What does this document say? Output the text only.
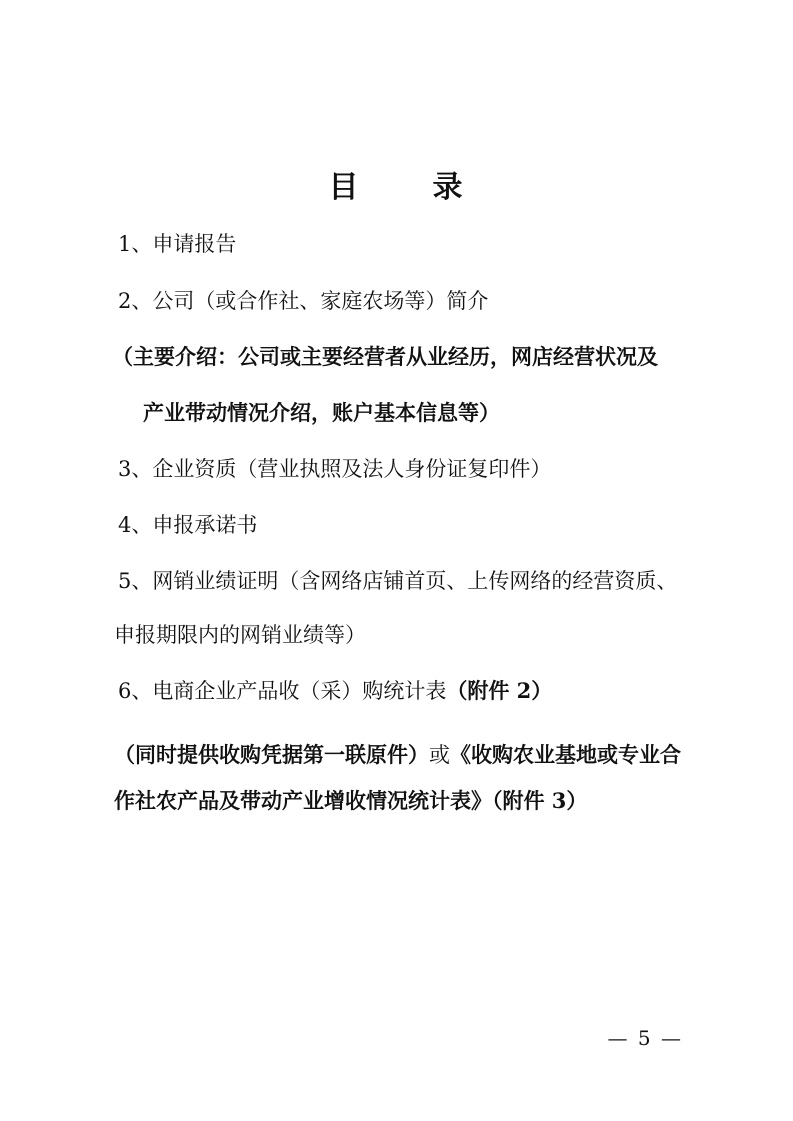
目 录
1、申请报告
2、公司（或合作社、家庭农场等）简介
（主要介绍：公司或主要经营者从业经历，网店经营状况及
产业带动情况介绍，账户基本信息等）
3、企业资质（营业执照及法人身份证复印件）
4、申报承诺书
5、网销业绩证明（含网络店铺首页、上传网络的经营资质、
申报期限内的网销业绩等）
6、电商企业产品收（采）购统计表（附件 2）
（同时提供收购凭据第一联原件）或《收购农业基地或专业合
作社农产品及带动产业增收情况统计表》（附件 3）
— 5 —
